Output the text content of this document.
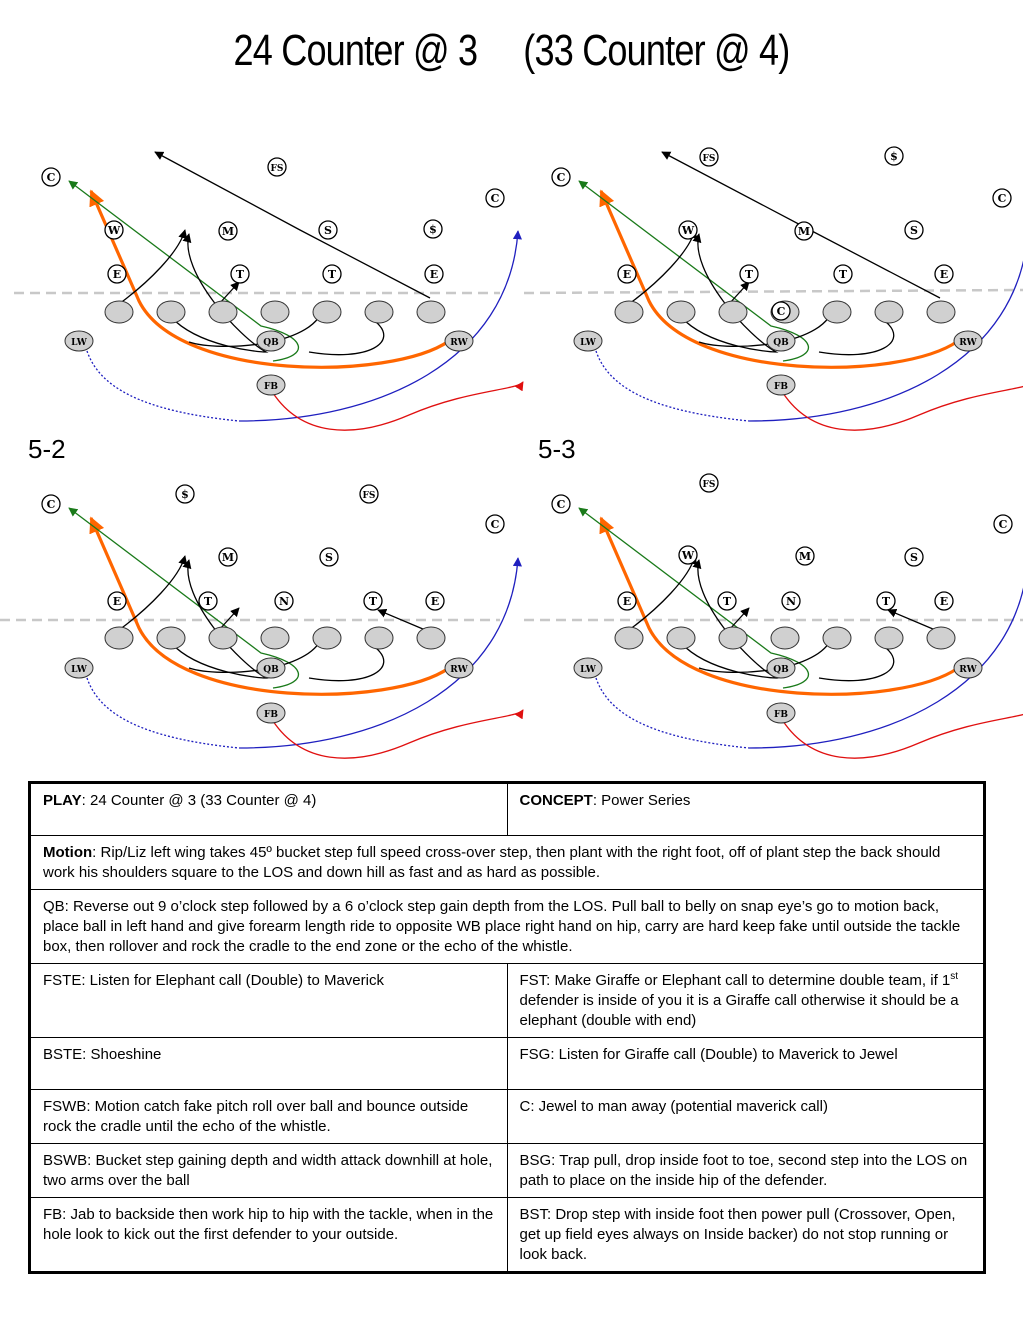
24 Counter @ 3     (33 Counter @ 4)
5-2	5-3
LW	QB	RW
FB
LW	QB	RW
FB
LW	QB	RW
FB
LW	QB	RW
FB
C
FS
C
W	M	S	$
E	T	T	E
C
FS	$
C
W	M	S
E	T	T	E
C
C
$	FS
C
M	S
E	T	N	T	E
FS
C
C
W	M	S
E	T	N	T	E
PLAY: 24 Counter @ 3 (33 Counter @ 4)	CONCEPT: Power Series
Motion: Rip/Liz left wing takes 45º bucket step full speed cross-over step, then plant with the right foot, off of plant step the back should work his shoulders square to the LOS and down hill as fast and as hard as possible.	
QB: Reverse out 9 o’clock step followed by a 6 o’clock step gain depth from the LOS. Pull ball to belly on snap eye’s go to motion back, place ball in left hand and give forearm length ride to opposite WB place right hand on hip, carry are hard keep fake until outside the tackle box, then rollover and rock the cradle to the end zone or the echo of the whistle.	
FSTE: Listen for Elephant call (Double) to Maverick	FST: Make Giraffe or Elephant call to determine double team, if 1st defender is inside of you it is a Giraffe call otherwise it should be a elephant (double with end)
BSTE: Shoeshine	FSG: Listen for Giraffe call (Double) to Maverick to Jewel
FSWB: Motion catch fake pitch roll over ball and bounce outside rock the cradle until the echo of the whistle.	C: Jewel to man away (potential maverick call)
BSWB: Bucket step gaining depth and width attack downhill at hole, two arms over the ball	BSG: Trap pull, drop inside foot to toe, second step into the LOS on path to place on the inside hip of the defender.
FB: Jab to backside then work hip to hip with the tackle, when in the hole look to kick out the first defender to your outside.	BST: Drop step with inside foot then power pull (Crossover, Open, get up field eyes always on Inside backer) do not stop running or look back.
